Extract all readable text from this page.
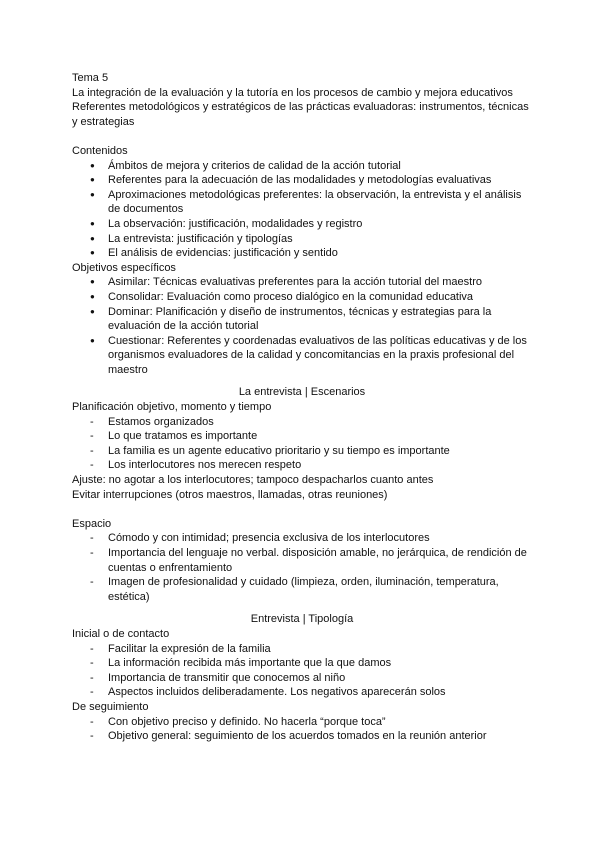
Tema 5
La integración de la evaluación y la tutoría en los procesos de cambio y mejora educativos
Referentes metodológicos y estratégicos de las prácticas evaluadoras: instrumentos, técnicas y estrategias
Contenidos
● Ámbitos de mejora y criterios de calidad de la acción tutorial
● Referentes para la adecuación de las modalidades y metodologías evaluativas
● Aproximaciones metodológicas preferentes: la observación, la entrevista y el análisis de documentos
● La observación: justificación, modalidades y registro
● La entrevista: justificación y tipologías
● El análisis de evidencias: justificación y sentido
Objetivos específicos
● Asimilar: Técnicas evaluativas preferentes para la acción tutorial del maestro
● Consolidar: Evaluación como proceso dialógico en la comunidad educativa
● Dominar: Planificación y diseño de instrumentos, técnicas y estrategias para la evaluación de la acción tutorial
● Cuestionar: Referentes y coordenadas evaluativos de las políticas educativas y de los organismos evaluadores de la calidad y concomitancias en la praxis profesional del maestro
La entrevista | Escenarios
Planificación objetivo, momento y tiempo
- Estamos organizados
- Lo que tratamos es importante
- La familia es un agente educativo prioritario y su tiempo es importante
- Los interlocutores nos merecen respeto
Ajuste: no agotar a los interlocutores; tampoco despacharlos cuanto antes
Evitar interrupciones (otros maestros, llamadas, otras reuniones)
Espacio
- Cómodo y con intimidad; presencia exclusiva de los interlocutores
- Importancia del lenguaje no verbal. disposición amable, no jerárquica, de rendición de cuentas o enfrentamiento
- Imagen de profesionalidad y cuidado (limpieza, orden, iluminación, temperatura, estética)
Entrevista | Tipología
Inicial o de contacto
- Facilitar la expresión de la familia
- La información recibida más importante que la que damos
- Importancia de transmitir que conocemos al niño
- Aspectos incluidos deliberadamente. Los negativos aparecerán solos
De seguimiento
- Con objetivo preciso y definido. No hacerla “porque toca”
- Objetivo general: seguimiento de los acuerdos tomados en la reunión anterior
